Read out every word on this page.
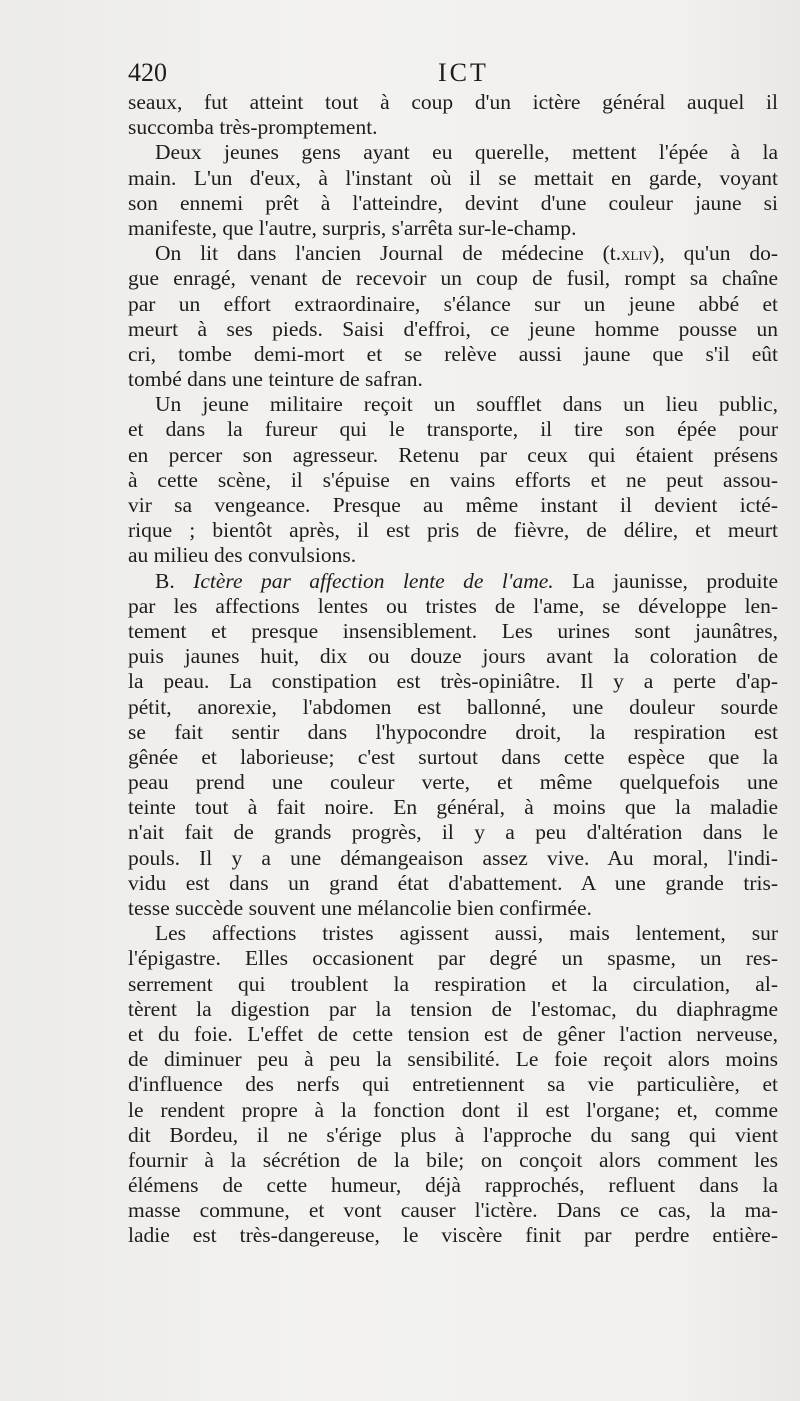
420	ICT
seaux, fut atteint tout à coup d'un ictère général auquel il
succomba très-promptement.
Deux jeunes gens ayant eu querelle, mettent l'épée à la
main. L'un d'eux, à l'instant où il se mettait en garde, voyant
son ennemi prêt à l'atteindre, devint d'une couleur jaune si
manifeste, que l'autre, surpris, s'arrêta sur-le-champ.
On lit dans l'ancien Journal de médecine (t.xliv), qu'un do-
gue enragé, venant de recevoir un coup de fusil, rompt sa chaîne
par un effort extraordinaire, s'élance sur un jeune abbé et
meurt à ses pieds. Saisi d'effroi, ce jeune homme pousse un
cri, tombe demi-mort et se relève aussi jaune que s'il eût
tombé dans une teinture de safran.
Un jeune militaire reçoit un soufflet dans un lieu public,
et dans la fureur qui le transporte, il tire son épée pour
en percer son agresseur. Retenu par ceux qui étaient présens
à cette scène, il s'épuise en vains efforts et ne peut assou-
vir sa vengeance. Presque au même instant il devient icté-
rique ; bientôt après, il est pris de fièvre, de délire, et meurt
au milieu des convulsions.
B. Ictère par affection lente de l'ame. La jaunisse, produite
par les affections lentes ou tristes de l'ame, se développe len-
tement et presque insensiblement. Les urines sont jaunâtres,
puis jaunes huit, dix ou douze jours avant la coloration de
la peau. La constipation est très-opiniâtre. Il y a perte d'ap-
pétit, anorexie, l'abdomen est ballonné, une douleur sourde
se fait sentir dans l'hypocondre droit, la respiration est
gênée et laborieuse; c'est surtout dans cette espèce que la
peau prend une couleur verte, et même quelquefois une
teinte tout à fait noire. En général, à moins que la maladie
n'ait fait de grands progrès, il y a peu d'altération dans le
pouls. Il y a une démangeaison assez vive. Au moral, l'indi-
vidu est dans un grand état d'abattement. A une grande tris-
tesse succède souvent une mélancolie bien confirmée.
Les affections tristes agissent aussi, mais lentement, sur
l'épigastre. Elles occasionent par degré un spasme, un res-
serrement qui troublent la respiration et la circulation, al-
tèrent la digestion par la tension de l'estomac, du diaphragme
et du foie. L'effet de cette tension est de gêner l'action nerveuse,
de diminuer peu à peu la sensibilité. Le foie reçoit alors moins
d'influence des nerfs qui entretiennent sa vie particulière, et
le rendent propre à la fonction dont il est l'organe; et, comme
dit Bordeu, il ne s'érige plus à l'approche du sang qui vient
fournir à la sécrétion de la bile; on conçoit alors comment les
élémens de cette humeur, déjà rapprochés, refluent dans la
masse commune, et vont causer l'ictère. Dans ce cas, la ma-
ladie est très-dangereuse, le viscère finit par perdre entière-
